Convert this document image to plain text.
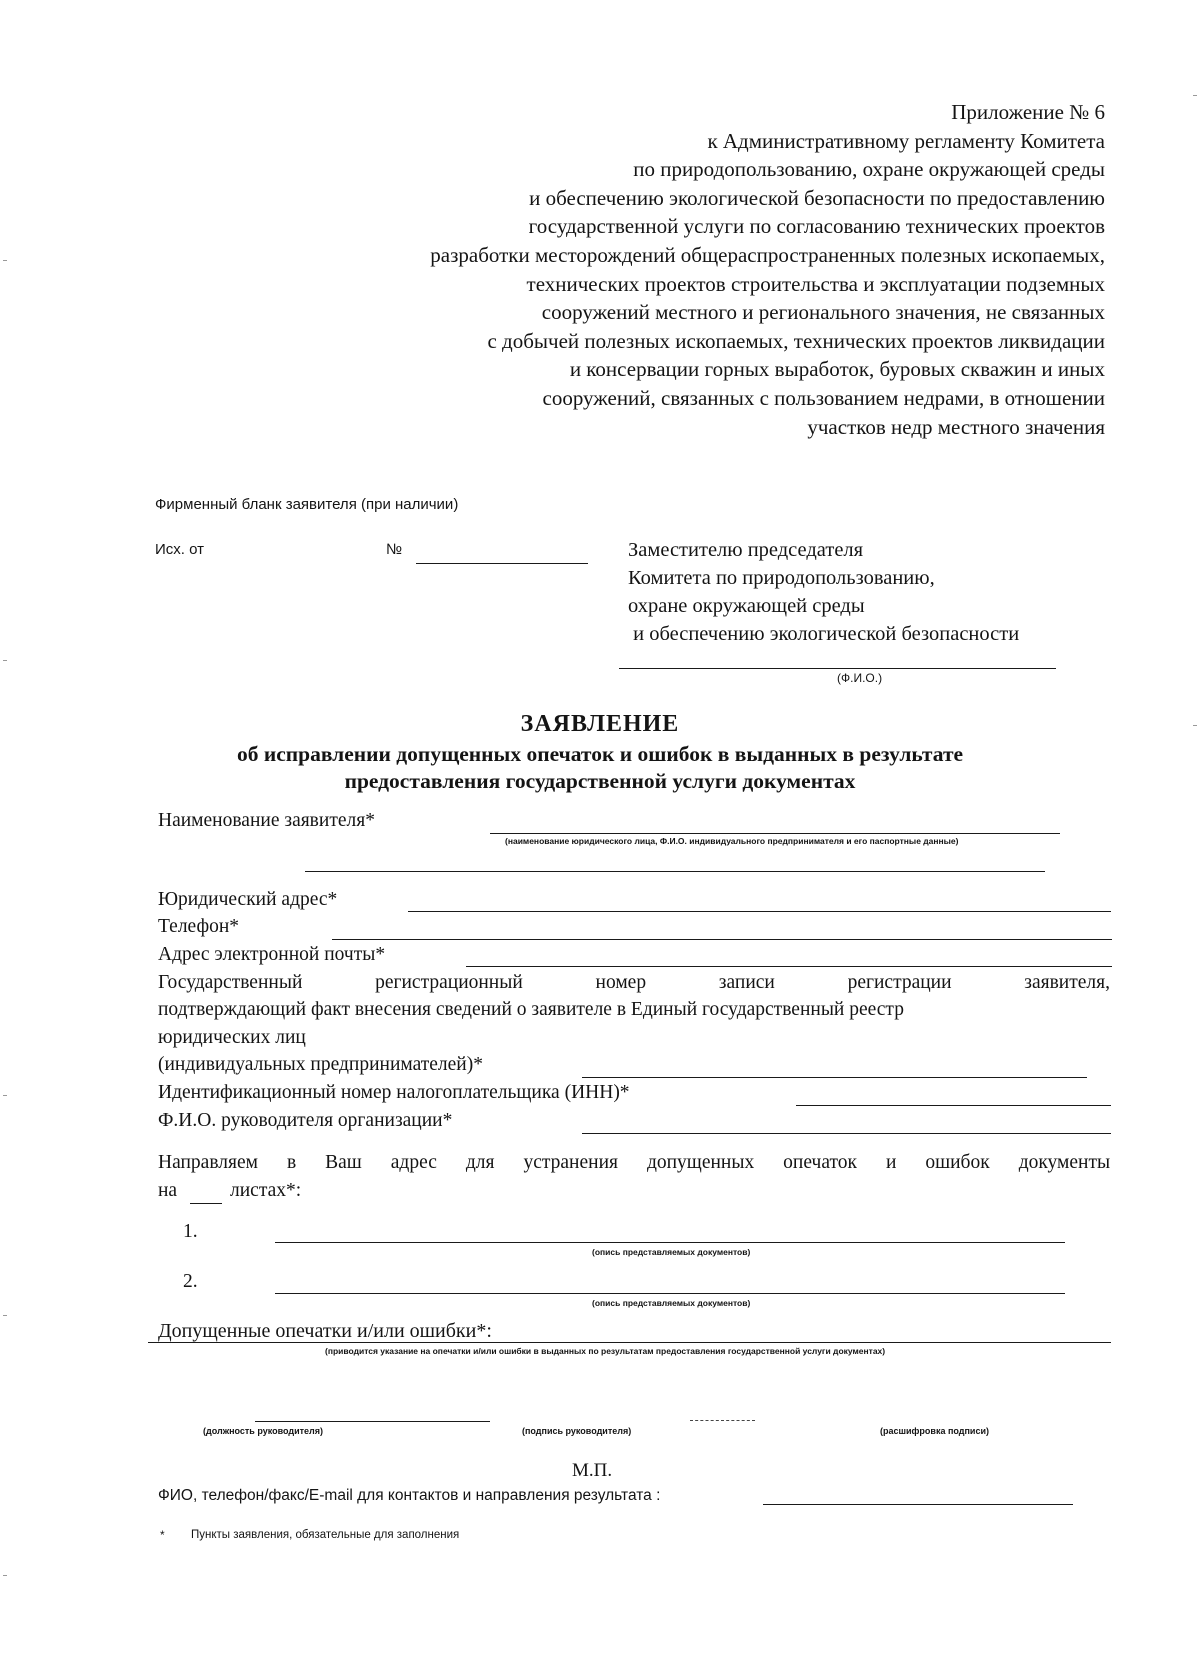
Приложение № 6
к Административному регламенту Комитета
по природопользованию, охране окружающей среды
и обеспечению экологической безопасности по предоставлению
государственной услуги по согласованию технических проектов
разработки месторождений общераспространенных полезных ископаемых,
технических проектов строительства и эксплуатации подземных
сооружений местного и регионального значения, не связанных
с добычей полезных ископаемых, технических проектов ликвидации
и консервации горных выработок, буровых скважин и иных
сооружений, связанных с пользованием недрами, в отношении
участков недр местного значения
Фирменный бланк заявителя (при наличии)
Исх. от	№	Заместителю председателя
Комитета по природопользованию,
охране окружающей среды
и обеспечению экологической безопасности
(Ф.И.О.)
ЗАЯВЛЕНИЕ
об исправлении допущенных опечаток и ошибок в выданных в результате
предоставления государственной услуги документах
Наименование заявителя*
(наименование юридического лица, Ф.И.О. индивидуального предпринимателя и его паспортные данные)
Юридический адрес*
Телефон*
Адрес электронной почты*
Государственный	регистрационный	номер	записи	регистрации	заявителя,
подтверждающий факт внесения сведений о заявителе в Единый государственный реестр
юридических лиц
(индивидуальных предпринимателей)*
Идентификационный номер налогоплательщика (ИНН)*
Ф.И.О. руководителя организации*
Направляем в Ваш адрес для устранения допущенных опечаток и ошибок документы
на	листах*:
1.
(опись представляемых документов)
2.
(опись представляемых документов)
Допущенные опечатки и/или ошибки*:
(приводится указание на опечатки и/или ошибки в выданных по результатам предоставления государственной услуги документах)
(должность руководителя)	(подпись руководителя)	(расшифровка подписи)
М.П.
ФИО, телефон/факс/E-mail для контактов и направления результата :
* Пункты заявления, обязательные для заполнения
